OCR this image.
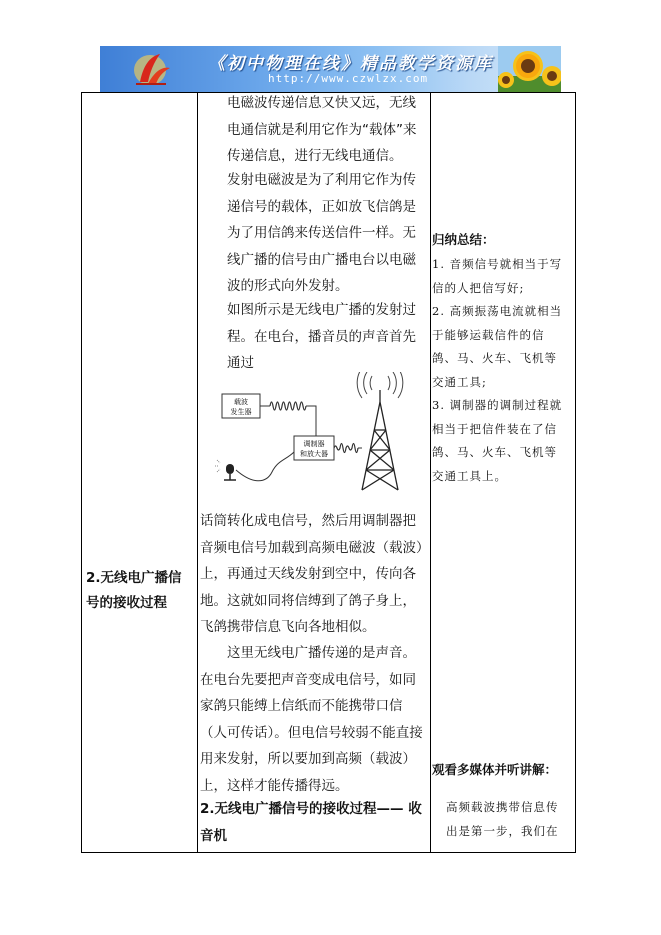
《初中物理在线》精品教学资源库
http://www.czwlzx.com

2.无线电广播信号的接收过程
电磁波传递信息又快又远，无线电通信就是利用它作为“载体”来传递信息，进行无线电通信。
发射电磁波是为了利用它作为传递信号的载体，正如放飞信鸽是为了用信鸽来传送信件一样。无线广播的信号由广播电台以电磁波的形式向外发射。
如图所示是无线电广播的发射过程。在电台，播音员的声音首先通过
载波
发生器
调制器
和放大器
话筒转化成电信号，然后用调制器把音频电信号加载到高频电磁波（载波）上，再通过天线发射到空中，传向各地。这就如同将信缚到了鸽子身上，飞鸽携带信息飞向各地相似。
这里无线电广播传递的是声音。
在电台先要把声音变成电信号，如同
家鸽只能缚上信纸而不能携带口信
（人可传话）。但电信号较弱不能直接
用来发射，所以要加到高频（载波）
上，这样才能传播得远。
2.无线电广播信号的接收过程—— 收音机
归纳总结：
1. 音频信号就相当于写信的人把信写好;
2. 高频振荡电流就相当于能够运载信件的信鸽、马、火车、飞机等交通工具;
3. 调制器的调制过程就相当于把信件装在了信鸽、马、火车、飞机等交通工具上。
观看多媒体并听讲解：
高频载波携带信息传出是第一步，我们在
